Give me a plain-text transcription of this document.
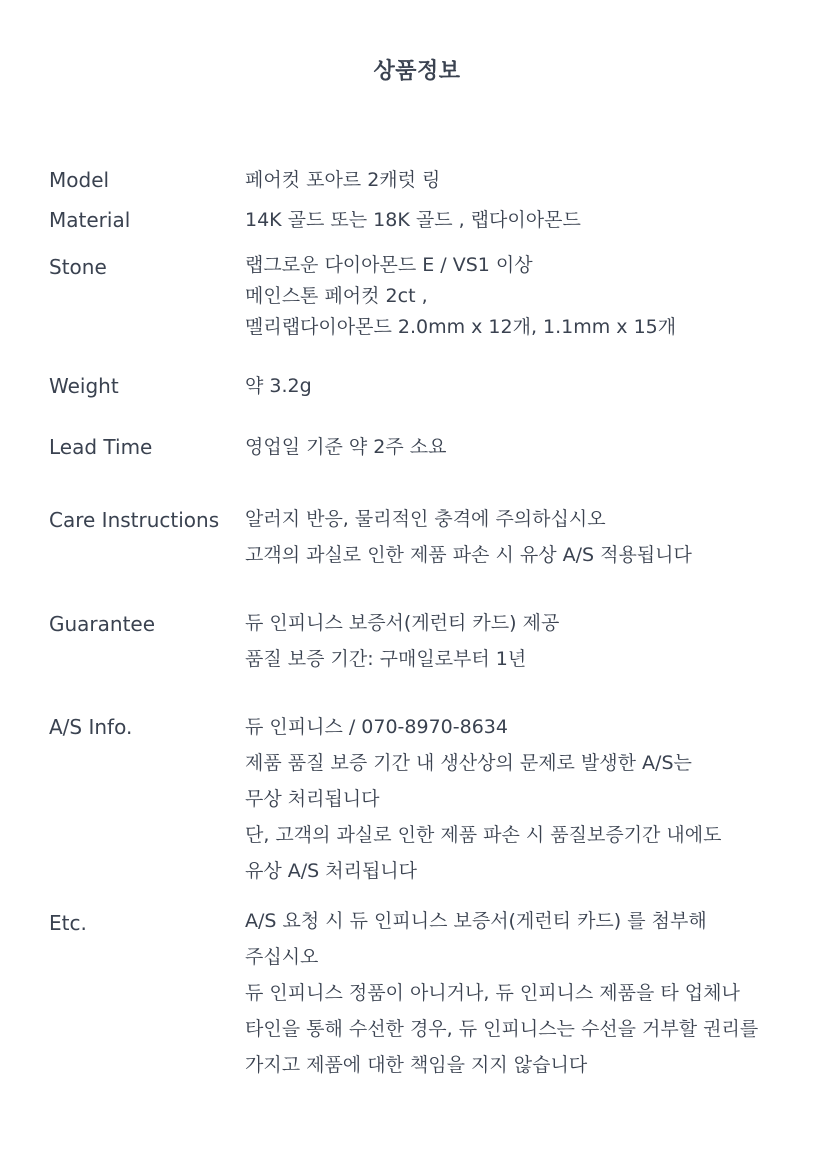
상품정보
Model	페어컷 포아르 2캐럿 링
Material	14K 골드 또는 18K 골드 , 랩다이아몬드
Stone	랩그로운 다이아몬드 E / VS1 이상
메인스톤 페어컷 2ct ,
멜리랩다이아몬드 2.0mm x 12개, 1.1mm x 15개
Weight	약 3.2g
Lead Time	영업일 기준 약 2주 소요
Care Instructions 알러지 반응, 물리적인 충격에 주의하십시오
고객의 과실로 인한 제품 파손 시 유상 A/S 적용됩니다
Guarantee	듀 인피니스 보증서(게런티 카드) 제공
품질 보증 기간: 구매일로부터 1년
A/S Info.	듀 인피니스 / 070-8970-8634
제품 품질 보증 기간 내 생산상의 문제로 발생한 A/S는
무상 처리됩니다
단, 고객의 과실로 인한 제품 파손 시 품질보증기간 내에도
유상 A/S 처리됩니다
Etc.	A/S 요청 시 듀 인피니스 보증서(게런티 카드) 를 첨부해
주십시오
듀 인피니스 정품이 아니거나, 듀 인피니스 제품을 타 업체나
타인을 통해 수선한 경우, 듀 인피니스는 수선을 거부할 권리를
가지고 제품에 대한 책임을 지지 않습니다
